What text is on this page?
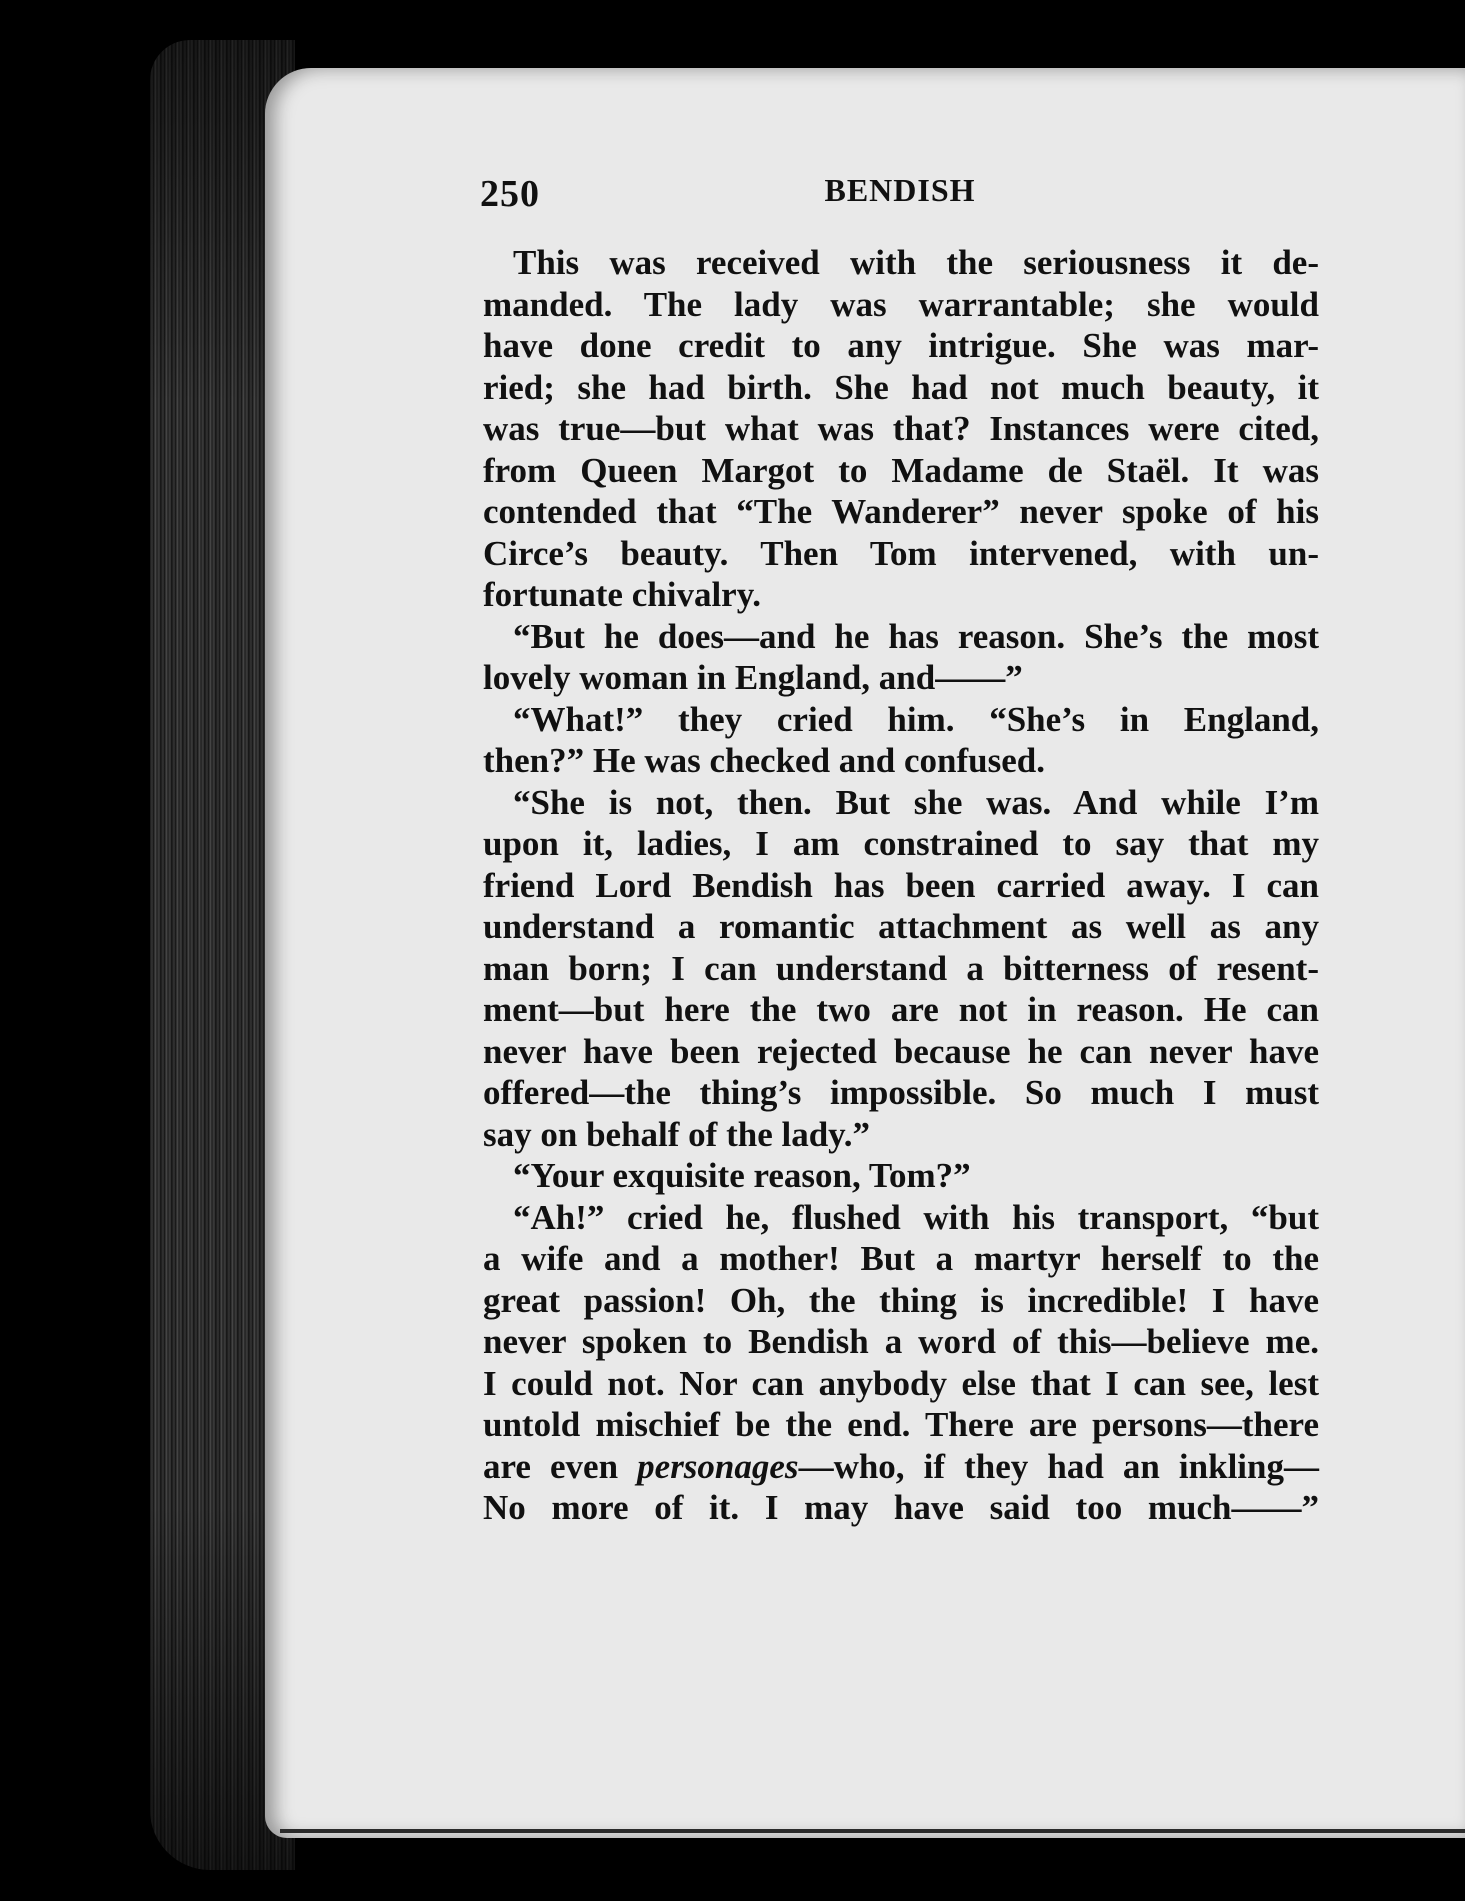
250	BENDISH
This was received with the seriousness it de-
manded. The lady was warrantable; she would
have done credit to any intrigue. She was mar-
ried; she had birth. She had not much beauty, it
was true—but what was that? Instances were cited,
from Queen Margot to Madame de Staël. It was
contended that “The Wanderer” never spoke of his
Circe’s beauty. Then Tom intervened, with un-
fortunate chivalry.
“But he does—and he has reason. She’s the most
lovely woman in England, and——”
“What!” they cried him. “She’s in England,
then?” He was checked and confused.
“She is not, then. But she was. And while I’m
upon it, ladies, I am constrained to say that my
friend Lord Bendish has been carried away. I can
understand a romantic attachment as well as any
man born; I can understand a bitterness of resent-
ment—but here the two are not in reason. He can
never have been rejected because he can never have
offered—the thing’s impossible. So much I must
say on behalf of the lady.”
“Your exquisite reason, Tom?”
“Ah!” cried he, flushed with his transport, “but
a wife and a mother! But a martyr herself to the
great passion! Oh, the thing is incredible! I have
never spoken to Bendish a word of this—believe me.
I could not. Nor can anybody else that I can see, lest
untold mischief be the end. There are persons—there
are even personages—who, if they had an inkling—
No more of it. I may have said too much——”
